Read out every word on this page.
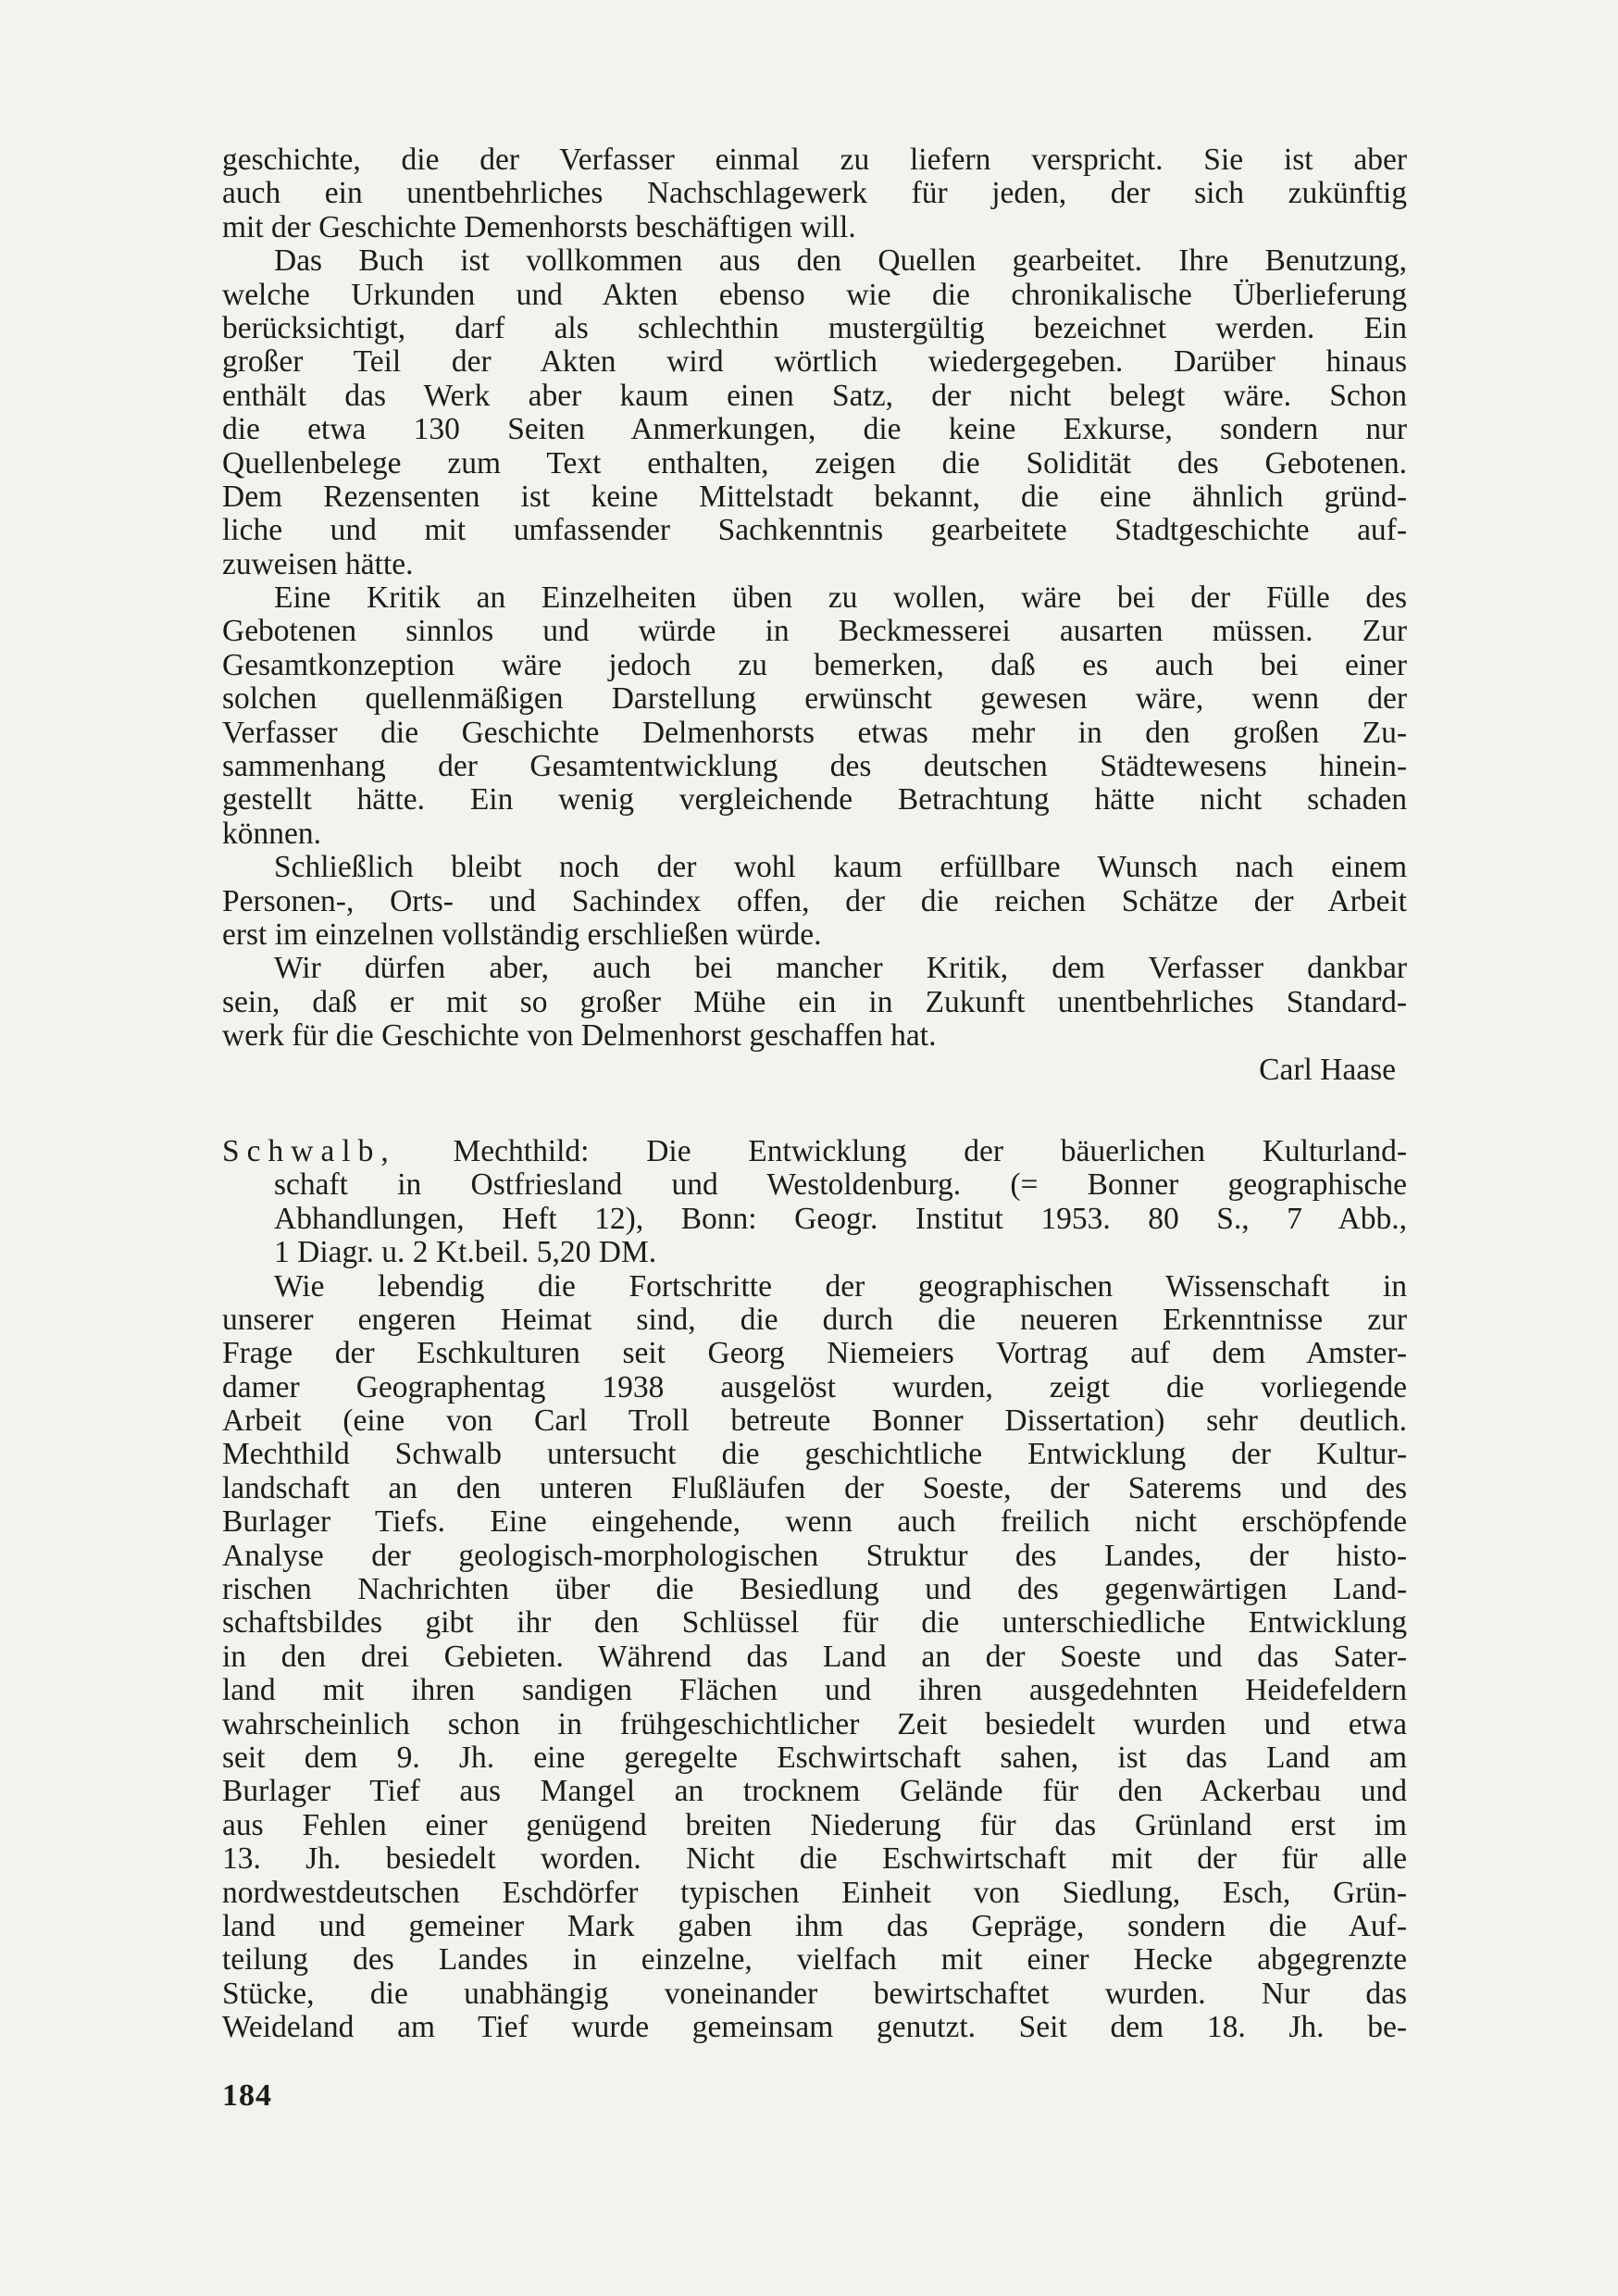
geschichte, die der Verfasser einmal zu liefern verspricht. Sie ist aber
auch ein unentbehrliches Nachschlagewerk für jeden, der sich zukünftig
mit der Geschichte Demenhorsts beschäftigen will.
Das Buch ist vollkommen aus den Quellen gearbeitet. Ihre Benutzung,
welche Urkunden und Akten ebenso wie die chronikalische Überlieferung
berücksichtigt, darf als schlechthin mustergültig bezeichnet werden. Ein
großer Teil der Akten wird wörtlich wiedergegeben. Darüber hinaus
enthält das Werk aber kaum einen Satz, der nicht belegt wäre. Schon
die etwa 130 Seiten Anmerkungen, die keine Exkurse, sondern nur
Quellenbelege zum Text enthalten, zeigen die Solidität des Gebotenen.
Dem Rezensenten ist keine Mittelstadt bekannt, die eine ähnlich gründ-
liche und mit umfassender Sachkenntnis gearbeitete Stadtgeschichte auf-
zuweisen hätte.
Eine Kritik an Einzelheiten üben zu wollen, wäre bei der Fülle des
Gebotenen sinnlos und würde in Beckmesserei ausarten müssen. Zur
Gesamtkonzeption wäre jedoch zu bemerken, daß es auch bei einer
solchen quellenmäßigen Darstellung erwünscht gewesen wäre, wenn der
Verfasser die Geschichte Delmenhorsts etwas mehr in den großen Zu-
sammenhang der Gesamtentwicklung des deutschen Städtewesens hinein-
gestellt hätte. Ein wenig vergleichende Betrachtung hätte nicht schaden
können.
Schließlich bleibt noch der wohl kaum erfüllbare Wunsch nach einem
Personen-, Orts- und Sachindex offen, der die reichen Schätze der Arbeit
erst im einzelnen vollständig erschließen würde.
Wir dürfen aber, auch bei mancher Kritik, dem Verfasser dankbar
sein, daß er mit so großer Mühe ein in Zukunft unentbehrliches Standard-
werk für die Geschichte von Delmenhorst geschaffen hat.
Carl Haase
Schwalb, Mechthild: Die Entwicklung der bäuerlichen Kulturland-
schaft in Ostfriesland und Westoldenburg. (= Bonner geographische
Abhandlungen, Heft 12), Bonn: Geogr. Institut 1953. 80 S., 7 Abb.,
1 Diagr. u. 2 Kt.beil. 5,20 DM.
Wie lebendig die Fortschritte der geographischen Wissenschaft in
unserer engeren Heimat sind, die durch die neueren Erkenntnisse zur
Frage der Eschkulturen seit Georg Niemeiers Vortrag auf dem Amster-
damer Geographentag 1938 ausgelöst wurden, zeigt die vorliegende
Arbeit (eine von Carl Troll betreute Bonner Dissertation) sehr deutlich.
Mechthild Schwalb untersucht die geschichtliche Entwicklung der Kultur-
landschaft an den unteren Flußläufen der Soeste, der Saterems und des
Burlager Tiefs. Eine eingehende, wenn auch freilich nicht erschöpfende
Analyse der geologisch-morphologischen Struktur des Landes, der histo-
rischen Nachrichten über die Besiedlung und des gegenwärtigen Land-
schaftsbildes gibt ihr den Schlüssel für die unterschiedliche Entwicklung
in den drei Gebieten. Während das Land an der Soeste und das Sater-
land mit ihren sandigen Flächen und ihren ausgedehnten Heidefeldern
wahrscheinlich schon in frühgeschichtlicher Zeit besiedelt wurden und etwa
seit dem 9. Jh. eine geregelte Eschwirtschaft sahen, ist das Land am
Burlager Tief aus Mangel an trocknem Gelände für den Ackerbau und
aus Fehlen einer genügend breiten Niederung für das Grünland erst im
13. Jh. besiedelt worden. Nicht die Eschwirtschaft mit der für alle
nordwestdeutschen Eschdörfer typischen Einheit von Siedlung, Esch, Grün-
land und gemeiner Mark gaben ihm das Gepräge, sondern die Auf-
teilung des Landes in einzelne, vielfach mit einer Hecke abgegrenzte
Stücke, die unabhängig voneinander bewirtschaftet wurden. Nur das
Weideland am Tief wurde gemeinsam genutzt. Seit dem 18. Jh. be-
184
